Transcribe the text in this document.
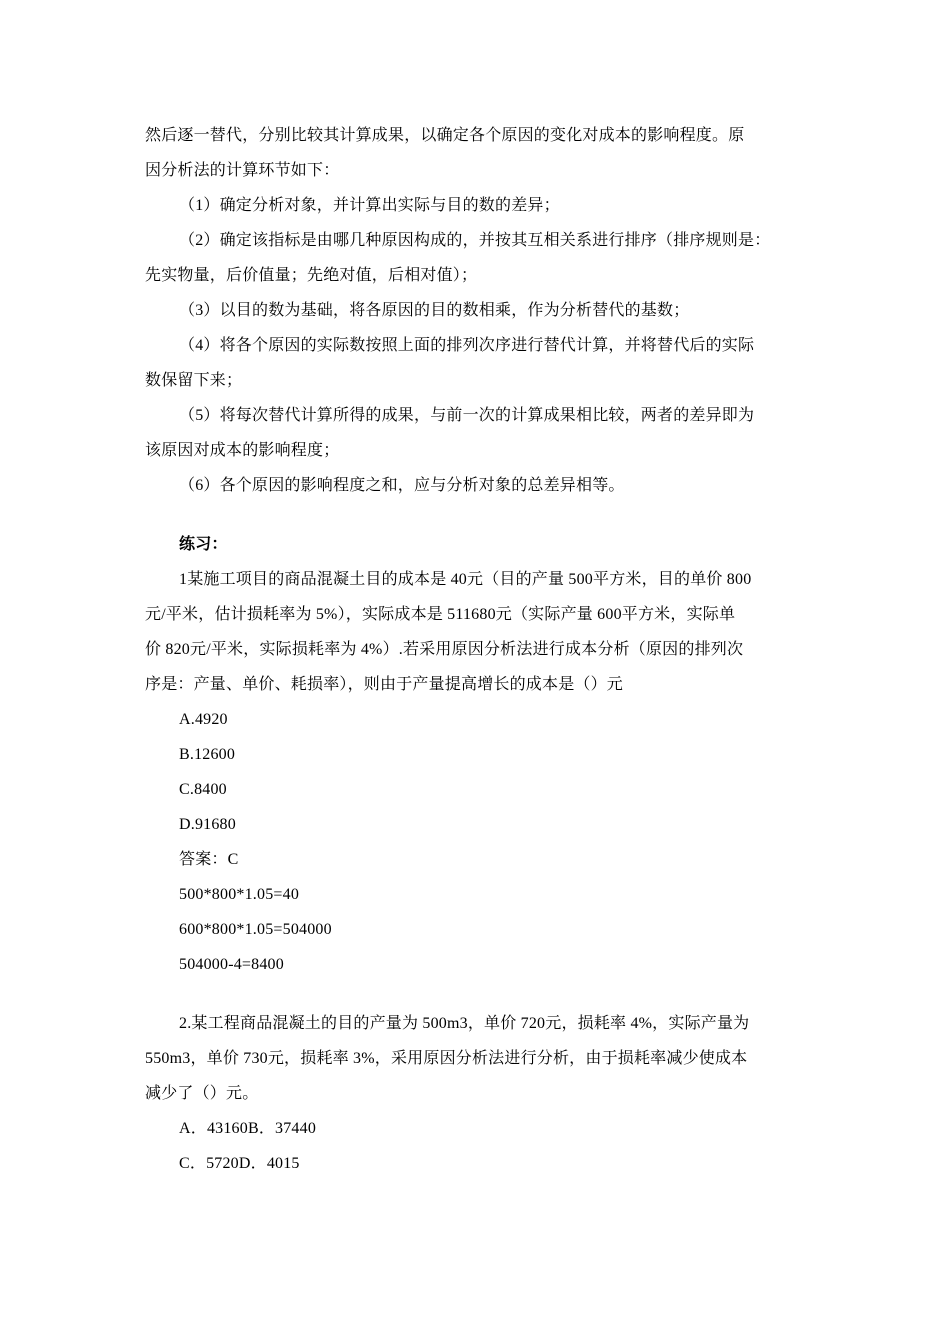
然后逐一替代，分别比较其计算成果，以确定各个原因的变化对成本的影响程度。原
因分析法的计算环节如下：
（1）确定分析对象，并计算出实际与目的数的差异；
（2）确定该指标是由哪几种原因构成的，并按其互相关系进行排序（排序规则是：
先实物量，后价值量；先绝对值，后相对值）；
（3）以目的数为基础，将各原因的目的数相乘，作为分析替代的基数；
（4）将各个原因的实际数按照上面的排列次序进行替代计算，并将替代后的实际
数保留下来；
（5）将每次替代计算所得的成果，与前一次的计算成果相比较，两者的差异即为
该原因对成本的影响程度；
（6）各个原因的影响程度之和，应与分析对象的总差异相等。
练习：
1某施工项目的商品混凝土目的成本是 40元（目的产量 500平方米，目的单价 800
元/平米，估计损耗率为 5%），实际成本是 511680元（实际产量 600平方米，实际单
价 820元/平米，实际损耗率为 4%）.若采用原因分析法进行成本分析（原因的排列次
序是：产量、单价、耗损率），则由于产量提高增长的成本是（）元
A.4920
B.12600
C.8400
D.91680
答案：C
500*800*1.05=40
600*800*1.05=504000
504000-4=8400
2.某工程商品混凝土的目的产量为 500m3，单价 720元，损耗率 4%，实际产量为
550m3，单价 730元，损耗率 3%，采用原因分析法进行分析，由于损耗率减少使成本
减少了（）元。
A．43160B．37440
C．5720D．4015
